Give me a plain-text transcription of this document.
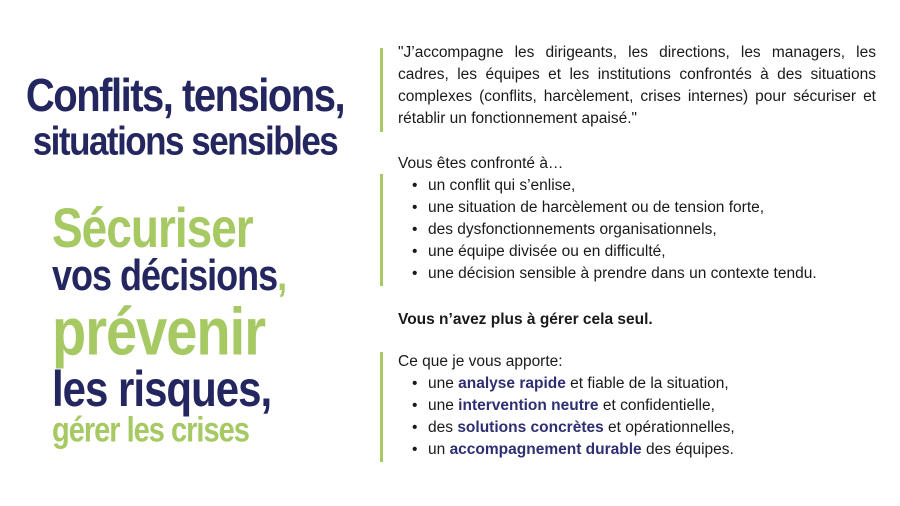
Conflits, tensions,
situations sensibles
Sécuriser
vos décisions,
prévenir
les risques,
gérer les crises
"J’accompagne les dirigeants, les directions, les managers, les cadres, les équipes et les institutions confrontés à des situations complexes (conflits, harcèlement, crises internes) pour sécuriser et rétablir un fonctionnement apaisé."
Vous êtes confronté à…
• un conflit qui s’enlise,
• une situation de harcèlement ou de tension forte,
• des dysfonctionnements organisationnels,
• une équipe divisée ou en difficulté,
• une décision sensible à prendre dans un contexte tendu.
Vous n’avez plus à gérer cela seul.
Ce que je vous apporte:
• une analyse rapide et fiable de la situation,
• une intervention neutre et confidentielle,
• des solutions concrètes et opérationnelles,
• un accompagnement durable des équipes.
